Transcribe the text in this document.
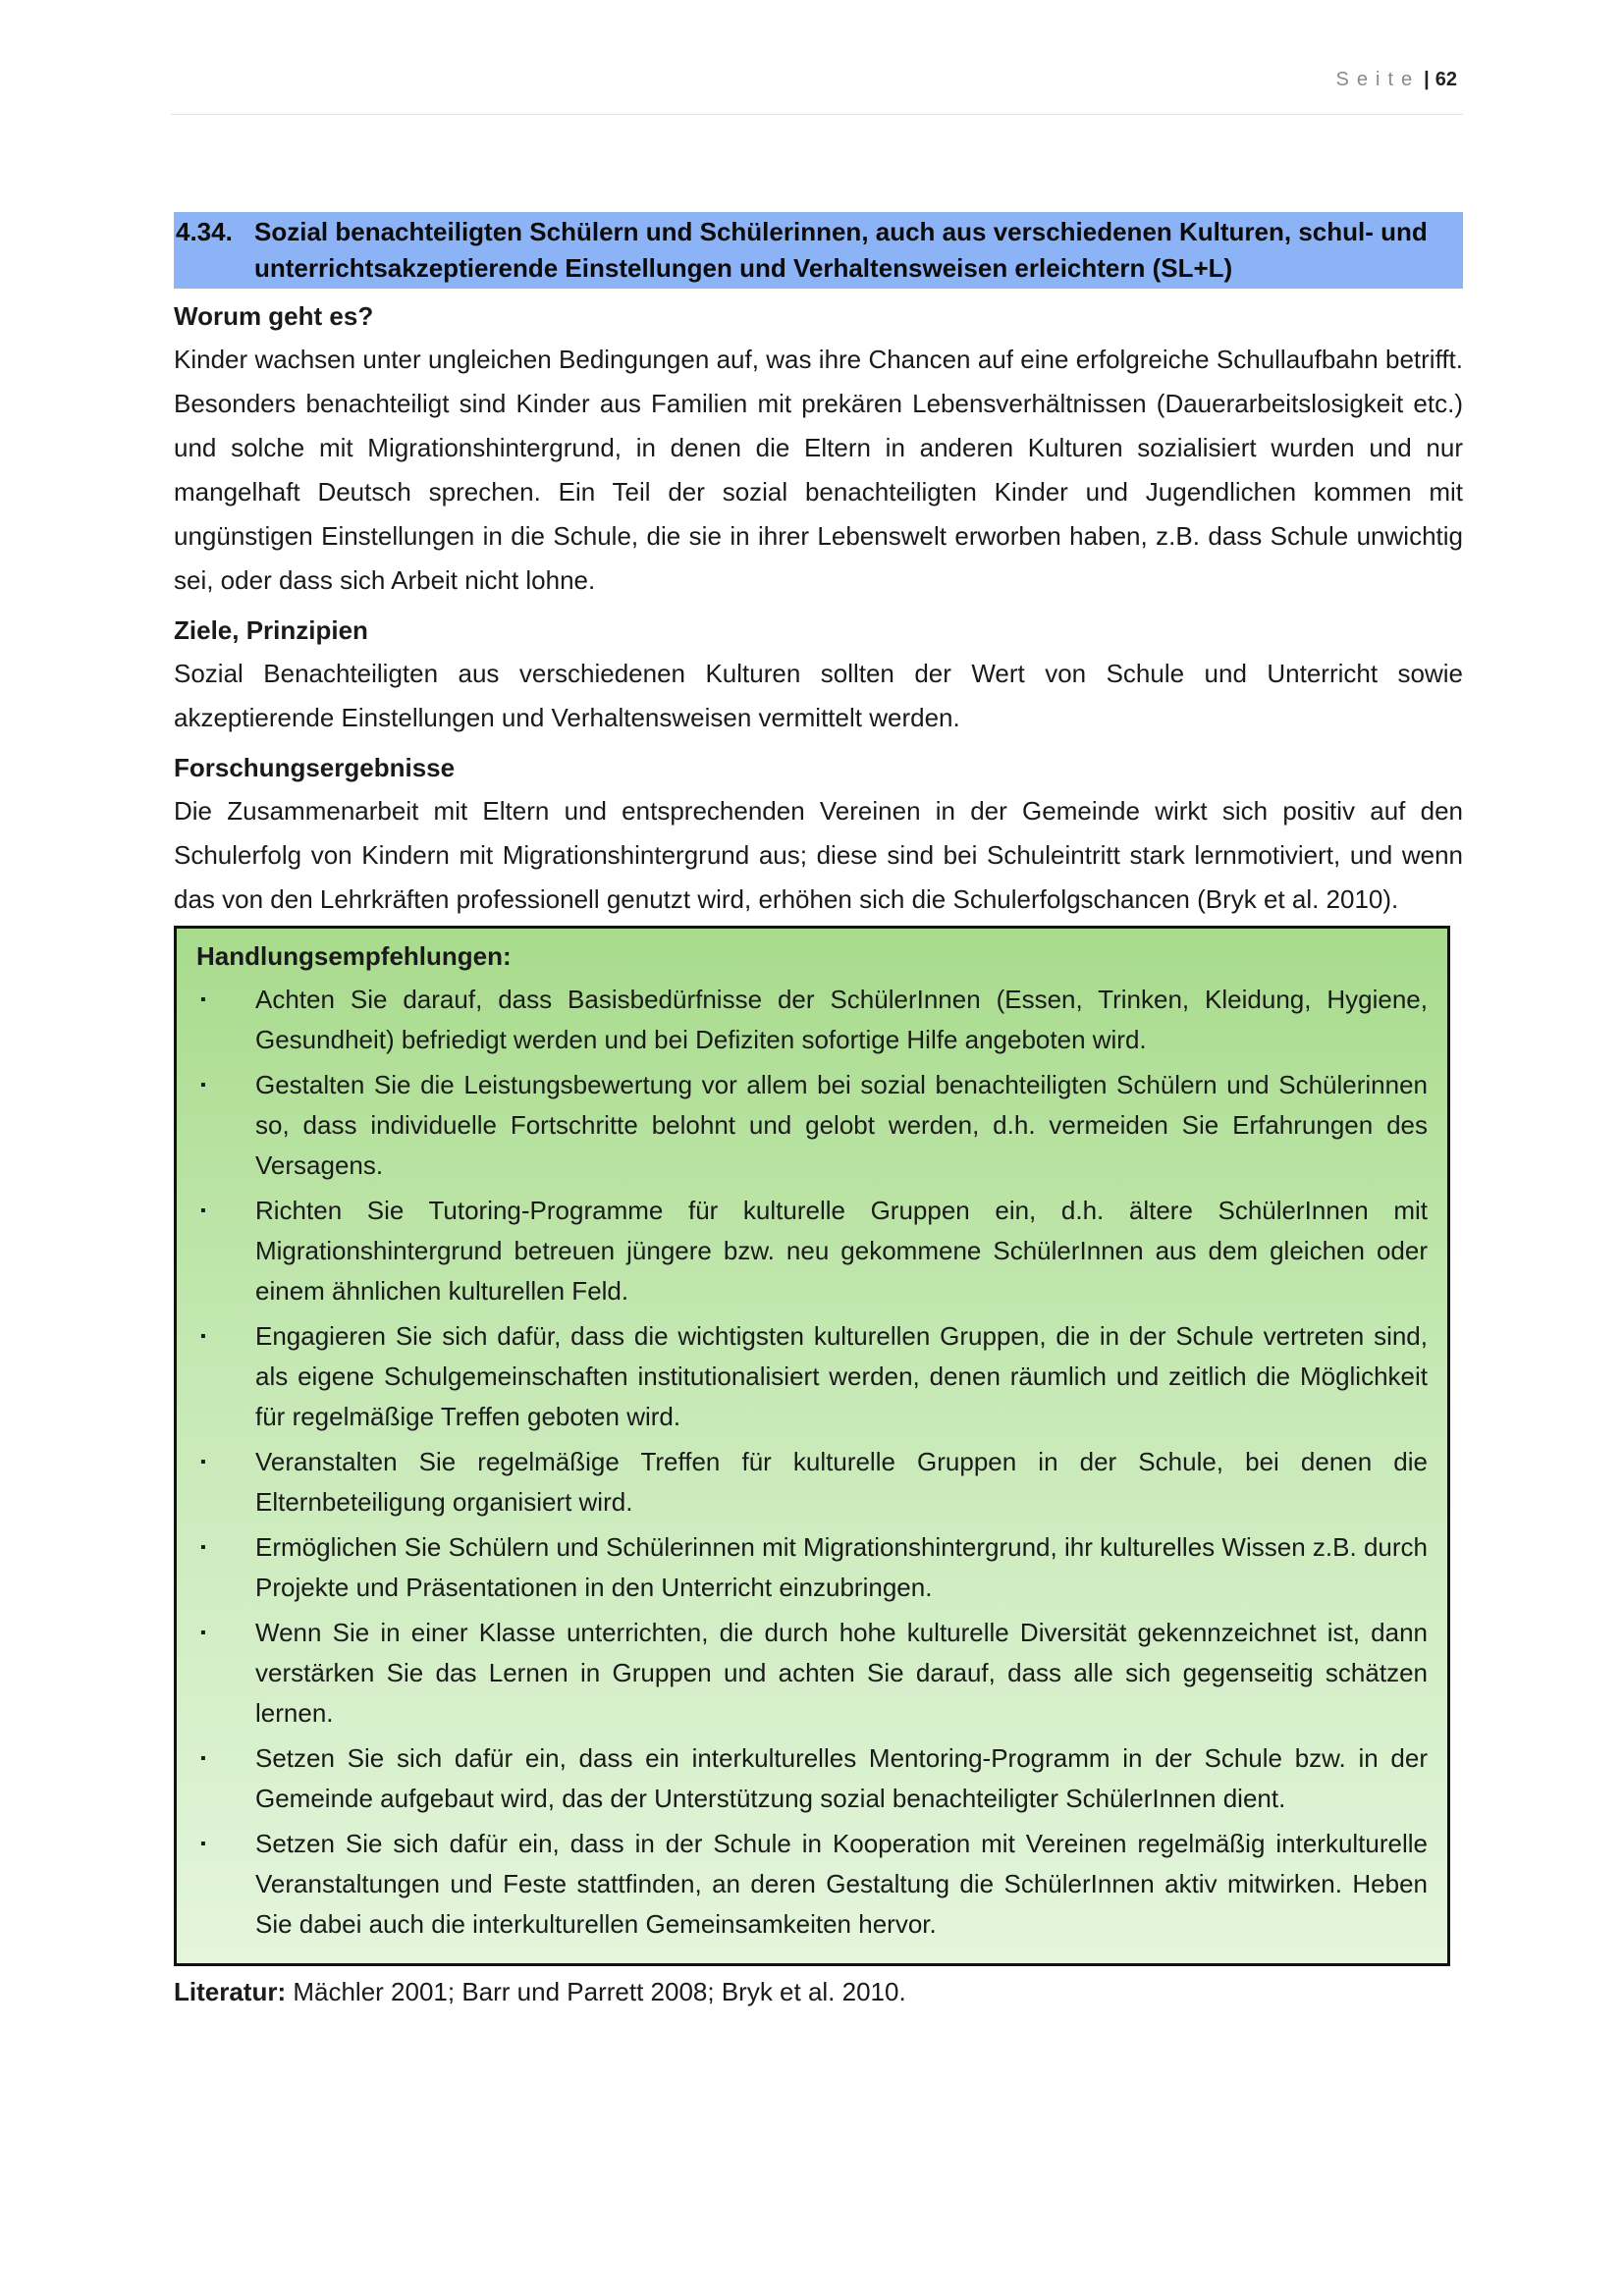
Seite | 62
4.34. Sozial benachteiligten Schülern und Schülerinnen, auch aus verschiedenen Kulturen, schul- und unterrichtsakzeptierende Einstellungen und Verhaltensweisen erleichtern (SL+L)
Worum geht es?

Kinder wachsen unter ungleichen Bedingungen auf, was ihre Chancen auf eine erfolgreiche Schullaufbahn betrifft. Besonders benachteiligt sind Kinder aus Familien mit prekären Lebensverhältnissen (Dauerarbeitslosigkeit etc.) und solche mit Migrationshintergrund, in denen die Eltern in anderen Kulturen sozialisiert wurden und nur mangelhaft Deutsch sprechen. Ein Teil der sozial benachteiligten Kinder und Jugendlichen kommen mit ungünstigen Einstellungen in die Schule, die sie in ihrer Lebenswelt erworben haben, z.B. dass Schule unwichtig sei, oder dass sich Arbeit nicht lohne.

Ziele, Prinzipien

Sozial Benachteiligten aus verschiedenen Kulturen sollten der Wert von Schule und Unterricht sowie akzeptierende Einstellungen und Verhaltensweisen vermittelt werden.

Forschungsergebnisse

Die Zusammenarbeit mit Eltern und entsprechenden Vereinen in der Gemeinde wirkt sich positiv auf den Schulerfolg von Kindern mit Migrationshintergrund aus; diese sind bei Schuleintritt stark lernmotiviert, und wenn das von den Lehrkräften professionell genutzt wird, erhöhen sich die Schulerfolgschancen (Bryk et al. 2010).

Handlungsempfehlungen:
▪	Achten Sie darauf, dass Basisbedürfnisse der SchülerInnen (Essen, Trinken, Kleidung, Hygiene, Gesundheit) befriedigt werden und bei Defiziten sofortige Hilfe angeboten wird.
▪	Gestalten Sie die Leistungsbewertung vor allem bei sozial benachteiligten Schülern und Schülerinnen so, dass individuelle Fortschritte belohnt und gelobt werden, d.h. vermeiden Sie Erfahrungen des Versagens.
▪	Richten Sie Tutoring-Programme für kulturelle Gruppen ein, d.h. ältere SchülerInnen mit Migrationshintergrund betreuen jüngere bzw. neu gekommene SchülerInnen aus dem gleichen oder einem ähnlichen kulturellen Feld.
▪	Engagieren Sie sich dafür, dass die wichtigsten kulturellen Gruppen, die in der Schule vertreten sind, als eigene Schulgemeinschaften institutionalisiert werden, denen räumlich und zeitlich die Möglichkeit für regelmäßige Treffen geboten wird.
▪	Veranstalten Sie regelmäßige Treffen für kulturelle Gruppen in der Schule, bei denen die Elternbeteiligung organisiert wird.
▪	Ermöglichen Sie Schülern und Schülerinnen mit Migrationshintergrund, ihr kulturelles Wissen z.B. durch Projekte und Präsentationen in den Unterricht einzubringen.
▪	Wenn Sie in einer Klasse unterrichten, die durch hohe kulturelle Diversität gekennzeichnet ist, dann verstärken Sie das Lernen in Gruppen und achten Sie darauf, dass alle sich gegenseitig schätzen lernen.
▪	Setzen Sie sich dafür ein, dass ein interkulturelles Mentoring-Programm in der Schule bzw. in der Gemeinde aufgebaut wird, das der Unterstützung sozial benachteiligter SchülerInnen dient.
▪	Setzen Sie sich dafür ein, dass in der Schule in Kooperation mit Vereinen regelmäßig interkulturelle Veranstaltungen und Feste stattfinden, an deren Gestaltung die SchülerInnen aktiv mitwirken. Heben Sie dabei auch die interkulturellen Gemeinsamkeiten hervor.
Literatur: Mächler 2001; Barr und Parrett 2008; Bryk et al. 2010.
